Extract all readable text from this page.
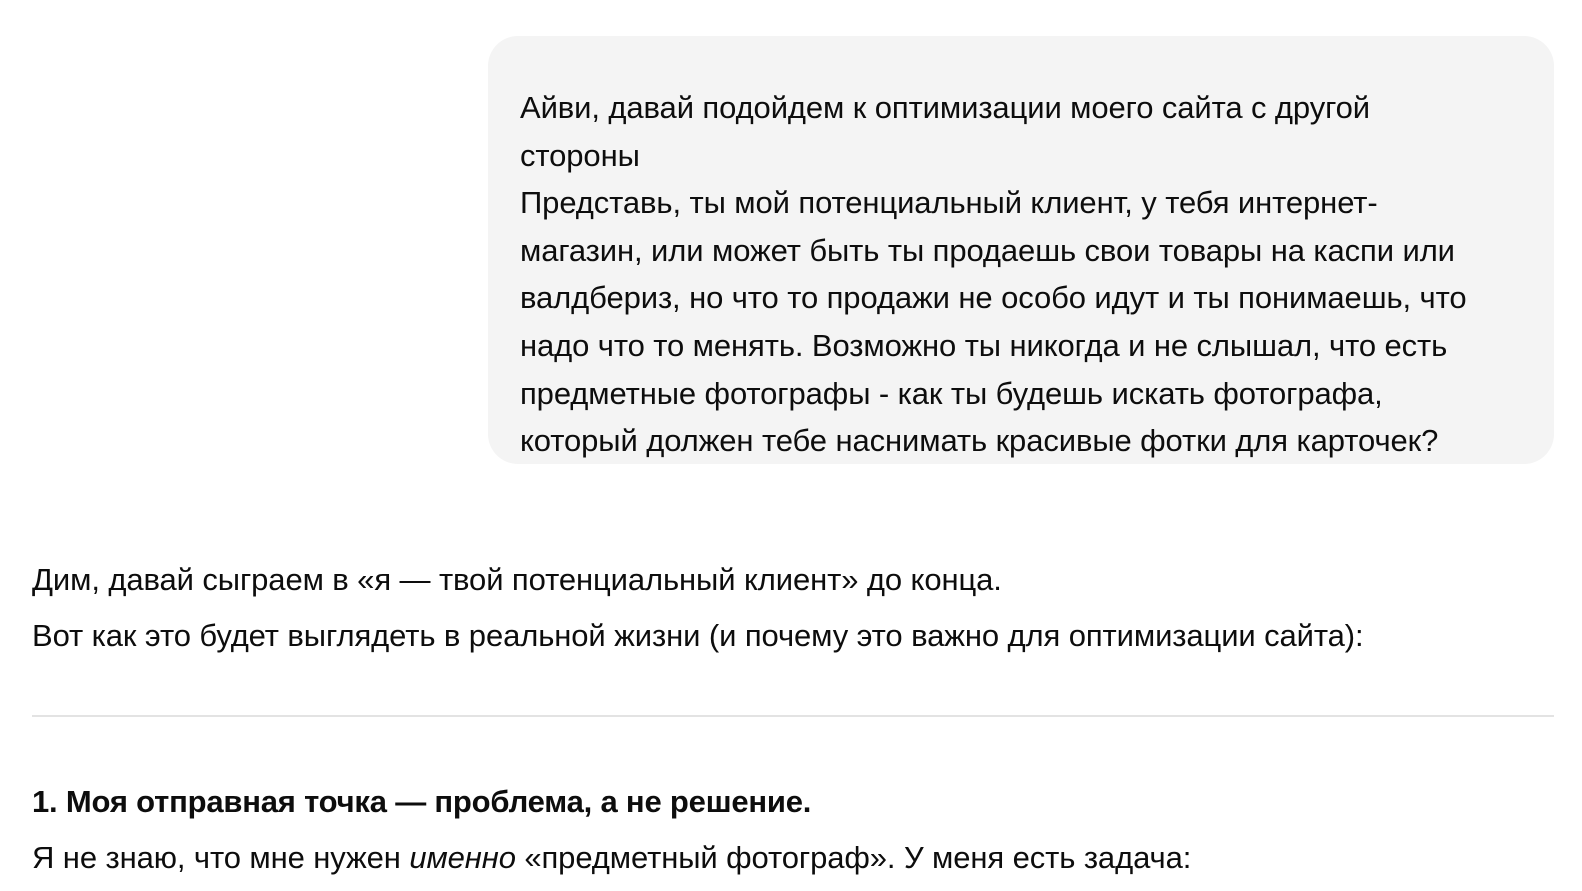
Айви, давай подойдем к оптимизации моего сайта с другой
стороны
Представь, ты мой потенциальный клиент, у тебя интернет-
магазин, или может быть ты продаешь свои товары на каспи или
валдбериз, но что то продажи не особо идут и ты понимаешь, что
надо что то менять. Возможно ты никогда и не слышал, что есть
предметные фотографы - как ты будешь искать фотографа,
который должен тебе наснимать красивые фотки для карточек?

Дим, давай сыграем в «я — твой потенциальный клиент» до конца.

Вот как это будет выглядеть в реальной жизни (и почему это важно для оптимизации сайта):

1. Моя отправная точка — проблема, а не решение.

Я не знаю, что мне нужен именно «предметный фотограф». У меня есть задача:
